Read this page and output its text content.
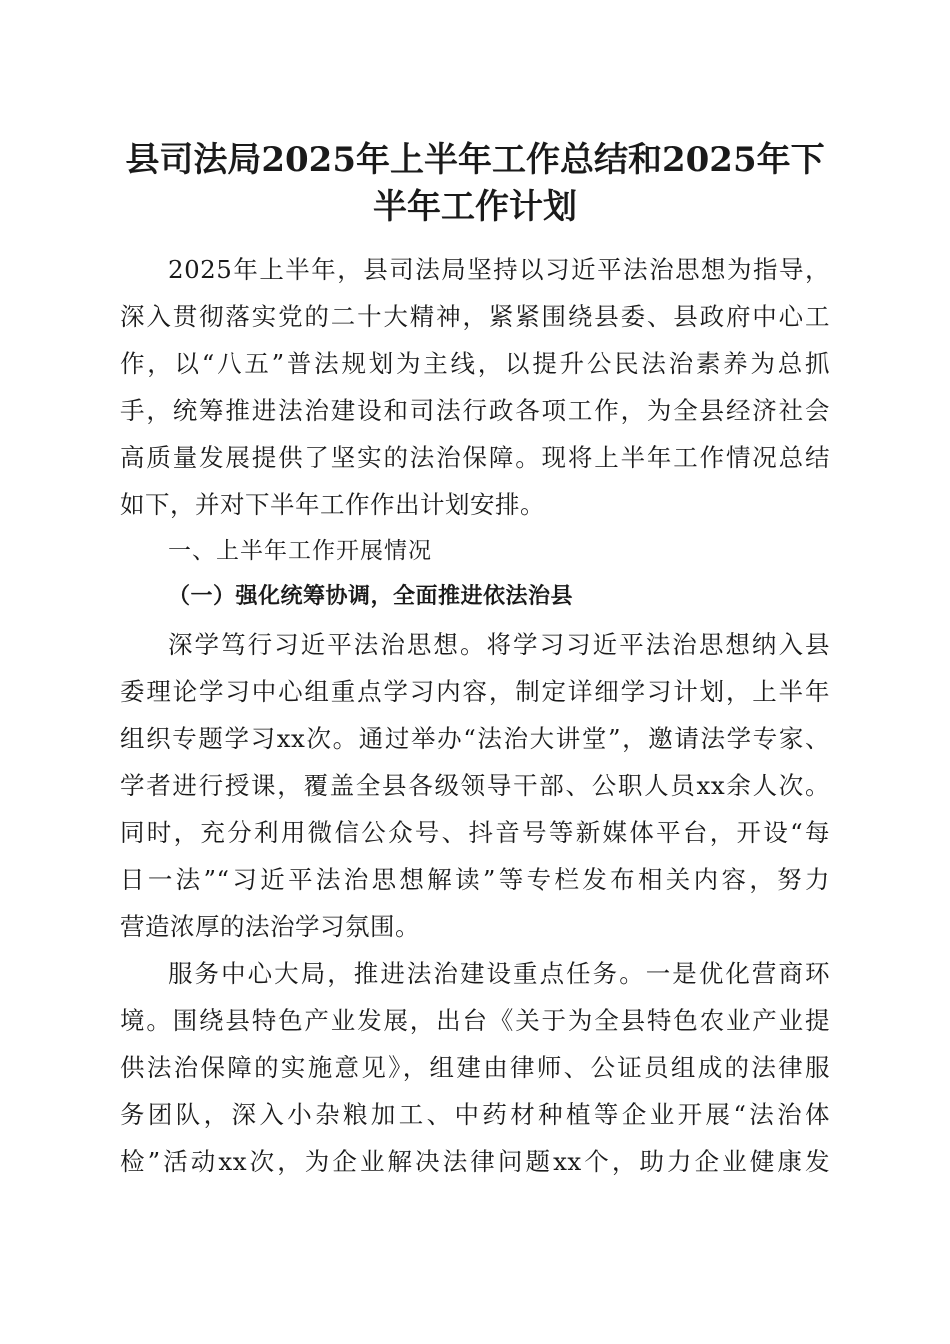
县司法局2025年上半年工作总结和2025年下
半年工作计划
2025年上半年，县司法局坚持以习近平法治思想为指导，
深入贯彻落实党的二十大精神，紧紧围绕县委、县政府中心工
作，以“八五”普法规划为主线，以提升公民法治素养为总抓
手，统筹推进法治建设和司法行政各项工作，为全县经济社会
高质量发展提供了坚实的法治保障。现将上半年工作情况总结
如下，并对下半年工作作出计划安排。
一、上半年工作开展情况
（一）强化统筹协调，全面推进依法治县
深学笃行习近平法治思想。将学习习近平法治思想纳入县
委理论学习中心组重点学习内容，制定详细学习计划，上半年
组织专题学习xx次。通过举办“法治大讲堂”，邀请法学专家、
学者进行授课，覆盖全县各级领导干部、公职人员xx余人次。
同时，充分利用微信公众号、抖音号等新媒体平台，开设“每
日一法”“习近平法治思想解读”等专栏发布相关内容，努力
营造浓厚的法治学习氛围。
服务中心大局，推进法治建设重点任务。一是优化营商环
境。围绕县特色产业发展，出台《关于为全县特色农业产业提
供法治保障的实施意见》，组建由律师、公证员组成的法律服
务团队，深入小杂粮加工、中药材种植等企业开展“法治体
检”活动xx次，为企业解决法律问题xx个，助力企业健康发
